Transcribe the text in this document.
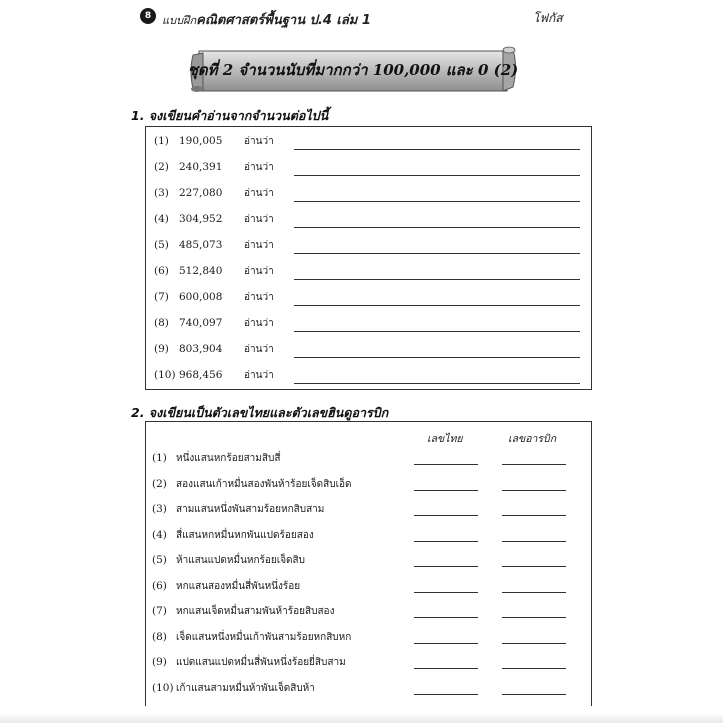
8 แบบฝึกคณิตศาสตร์พื้นฐาน ป.4 เล่ม 1	โฟกัส
ชุดที่ 2 จำนวนนับที่มากกว่า 100,000 และ 0 (2)
1. จงเขียนคำอ่านจากจำนวนต่อไปนี้
(1) 190,005 อ่านว่า
(2) 240,391 อ่านว่า
(3) 227,080 อ่านว่า
(4) 304,952 อ่านว่า
(5) 485,073 อ่านว่า
(6) 512,840 อ่านว่า
(7) 600,008 อ่านว่า
(8) 740,097 อ่านว่า
(9) 803,904 อ่านว่า
(10) 968,456 อ่านว่า
2. จงเขียนเป็นตัวเลขไทยและตัวเลขฮินดูอารบิก
เลขไทย	เลขอารบิก
(1) หนึ่งแสนหกร้อยสามสิบสี่
(2) สองแสนเก้าหมื่นสองพันห้าร้อยเจ็ดสิบเอ็ด
(3) สามแสนหนึ่งพันสามร้อยหกสิบสาม
(4) สี่แสนหกหมื่นหกพันแปดร้อยสอง
(5) ห้าแสนแปดหมื่นหกร้อยเจ็ดสิบ
(6) หกแสนสองหมื่นสี่พันหนึ่งร้อย
(7) หกแสนเจ็ดหมื่นสามพันห้าร้อยสิบสอง
(8) เจ็ดแสนหนึ่งหมื่นเก้าพันสามร้อยหกสิบหก
(9) แปดแสนแปดหมื่นสี่พันหนึ่งร้อยยี่สิบสาม
(10) เก้าแสนสามหมื่นห้าพันเจ็ดสิบห้า
